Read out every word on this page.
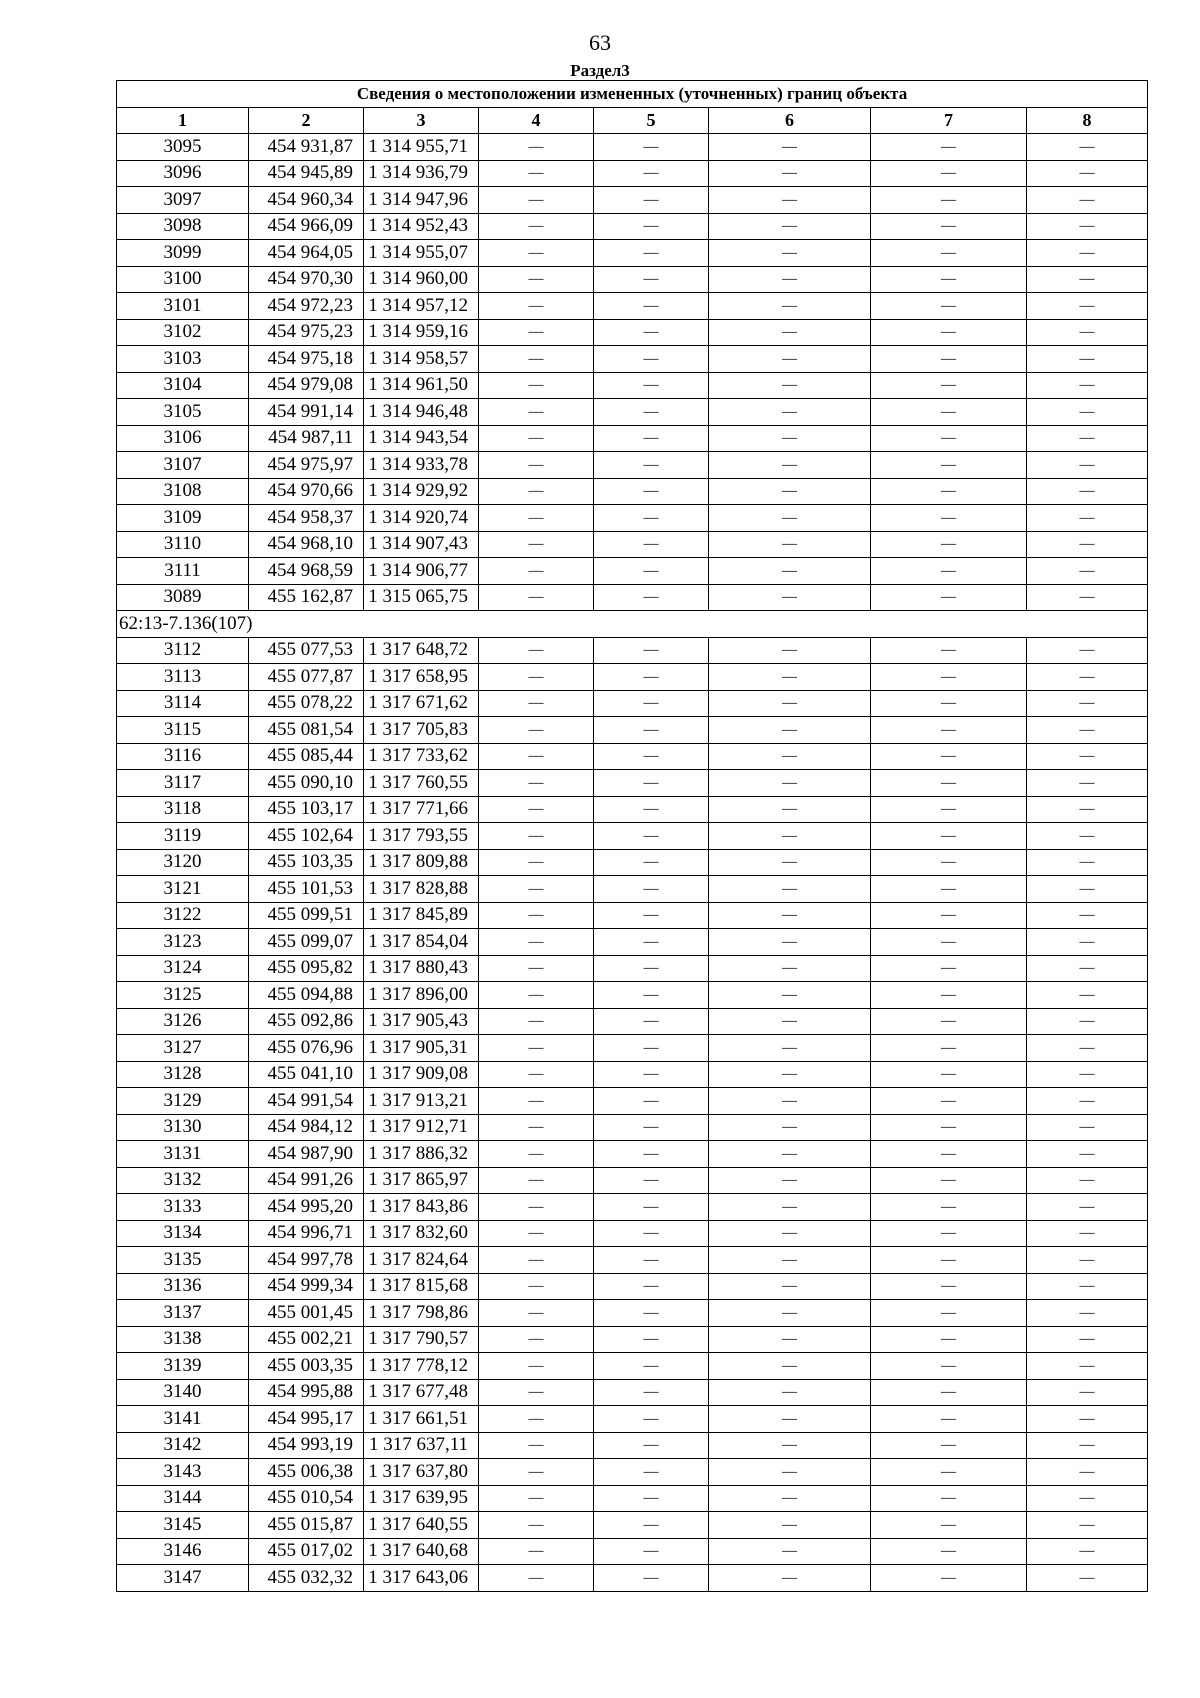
63
Раздел3
Сведения о местоположении измененных (уточненных) границ объекта							
1	2	3	4	5	6	7	8
3095	454 931,87	1 314 955,71	—	—	—	—	—
3096	454 945,89	1 314 936,79	—	—	—	—	—
3097	454 960,34	1 314 947,96	—	—	—	—	—
3098	454 966,09	1 314 952,43	—	—	—	—	—
3099	454 964,05	1 314 955,07	—	—	—	—	—
3100	454 970,30	1 314 960,00	—	—	—	—	—
3101	454 972,23	1 314 957,12	—	—	—	—	—
3102	454 975,23	1 314 959,16	—	—	—	—	—
3103	454 975,18	1 314 958,57	—	—	—	—	—
3104	454 979,08	1 314 961,50	—	—	—	—	—
3105	454 991,14	1 314 946,48	—	—	—	—	—
3106	454 987,11	1 314 943,54	—	—	—	—	—
3107	454 975,97	1 314 933,78	—	—	—	—	—
3108	454 970,66	1 314 929,92	—	—	—	—	—
3109	454 958,37	1 314 920,74	—	—	—	—	—
3110	454 968,10	1 314 907,43	—	—	—	—	—
3111	454 968,59	1 314 906,77	—	—	—	—	—
3089	455 162,87	1 315 065,75	—	—	—	—	—
62:13-7.136(107)							
3112	455 077,53	1 317 648,72	—	—	—	—	—
3113	455 077,87	1 317 658,95	—	—	—	—	—
3114	455 078,22	1 317 671,62	—	—	—	—	—
3115	455 081,54	1 317 705,83	—	—	—	—	—
3116	455 085,44	1 317 733,62	—	—	—	—	—
3117	455 090,10	1 317 760,55	—	—	—	—	—
3118	455 103,17	1 317 771,66	—	—	—	—	—
3119	455 102,64	1 317 793,55	—	—	—	—	—
3120	455 103,35	1 317 809,88	—	—	—	—	—
3121	455 101,53	1 317 828,88	—	—	—	—	—
3122	455 099,51	1 317 845,89	—	—	—	—	—
3123	455 099,07	1 317 854,04	—	—	—	—	—
3124	455 095,82	1 317 880,43	—	—	—	—	—
3125	455 094,88	1 317 896,00	—	—	—	—	—
3126	455 092,86	1 317 905,43	—	—	—	—	—
3127	455 076,96	1 317 905,31	—	—	—	—	—
3128	455 041,10	1 317 909,08	—	—	—	—	—
3129	454 991,54	1 317 913,21	—	—	—	—	—
3130	454 984,12	1 317 912,71	—	—	—	—	—
3131	454 987,90	1 317 886,32	—	—	—	—	—
3132	454 991,26	1 317 865,97	—	—	—	—	—
3133	454 995,20	1 317 843,86	—	—	—	—	—
3134	454 996,71	1 317 832,60	—	—	—	—	—
3135	454 997,78	1 317 824,64	—	—	—	—	—
3136	454 999,34	1 317 815,68	—	—	—	—	—
3137	455 001,45	1 317 798,86	—	—	—	—	—
3138	455 002,21	1 317 790,57	—	—	—	—	—
3139	455 003,35	1 317 778,12	—	—	—	—	—
3140	454 995,88	1 317 677,48	—	—	—	—	—
3141	454 995,17	1 317 661,51	—	—	—	—	—
3142	454 993,19	1 317 637,11	—	—	—	—	—
3143	455 006,38	1 317 637,80	—	—	—	—	—
3144	455 010,54	1 317 639,95	—	—	—	—	—
3145	455 015,87	1 317 640,55	—	—	—	—	—
3146	455 017,02	1 317 640,68	—	—	—	—	—
3147	455 032,32	1 317 643,06	—	—	—	—	—
